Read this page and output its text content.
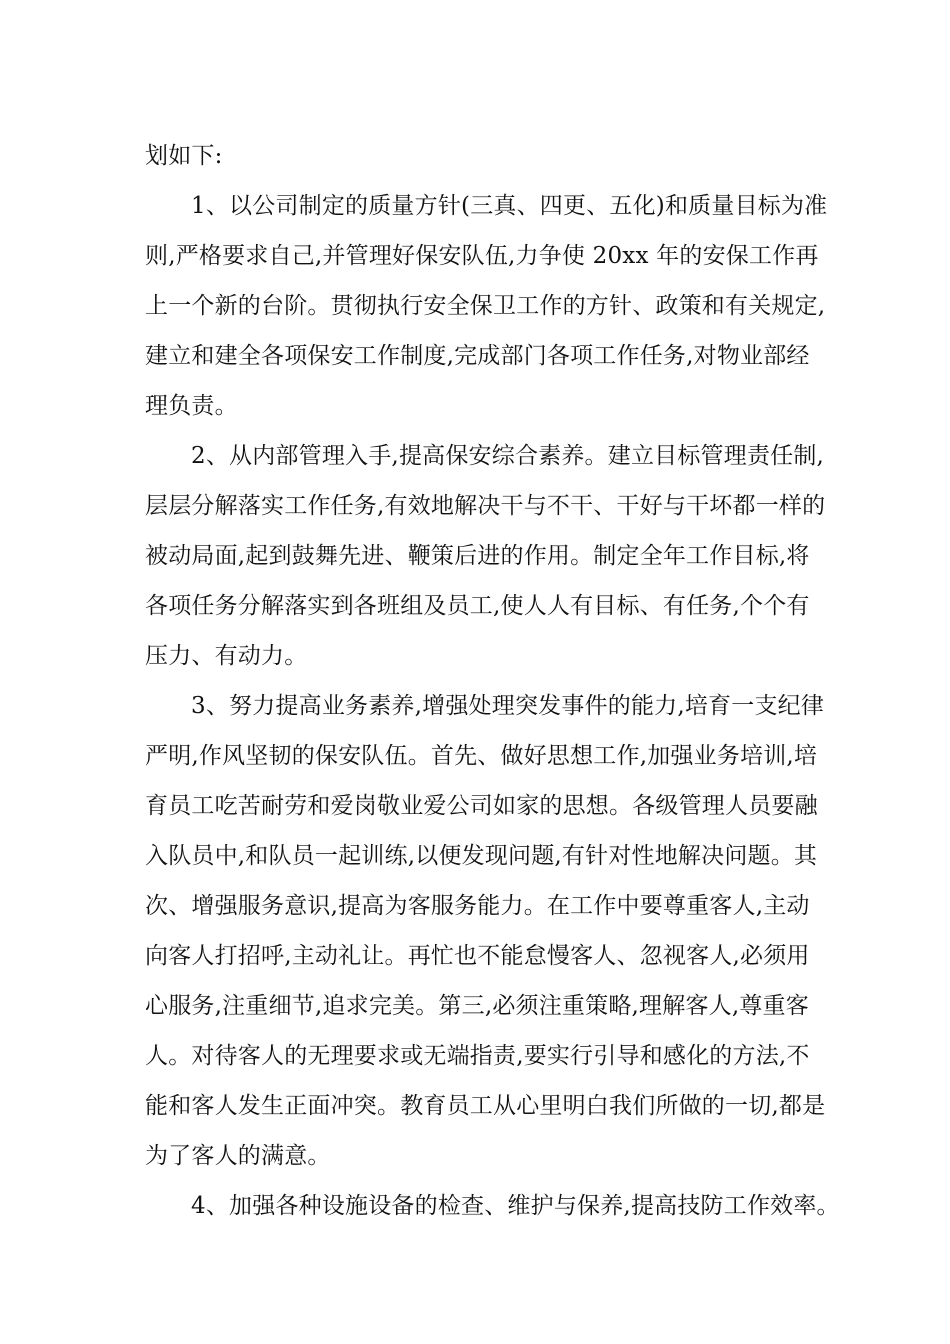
划如下:
1、以公司制定的质量方针(三真、四更、五化)和质量目标为准
则,严格要求自己,并管理好保安队伍,力争使 20xx 年的安保工作再
上一个新的台阶。贯彻执行安全保卫工作的方针、政策和有关规定,
建立和建全各项保安工作制度,完成部门各项工作任务,对物业部经
理负责。
2、从内部管理入手,提高保安综合素养。建立目标管理责任制,
层层分解落实工作任务,有效地解决干与不干、干好与干坏都一样的
被动局面,起到鼓舞先进、鞭策后进的作用。制定全年工作目标,将
各项任务分解落实到各班组及员工,使人人有目标、有任务,个个有
压力、有动力。
3、努力提高业务素养,增强处理突发事件的能力,培育一支纪律
严明,作风坚韧的保安队伍。首先、做好思想工作,加强业务培训,培
育员工吃苦耐劳和爱岗敬业爱公司如家的思想。各级管理人员要融
入队员中,和队员一起训练,以便发现问题,有针对性地解决问题。其
次、增强服务意识,提高为客服务能力。在工作中要尊重客人,主动
向客人打招呼,主动礼让。再忙也不能怠慢客人、忽视客人,必须用
心服务,注重细节,追求完美。第三,必须注重策略,理解客人,尊重客
人。对待客人的无理要求或无端指责,要实行引导和感化的方法,不
能和客人发生正面冲突。教育员工从心里明白我们所做的一切,都是
为了客人的满意。
4、加强各种设施设备的检查、维护与保养,提高技防工作效率。
